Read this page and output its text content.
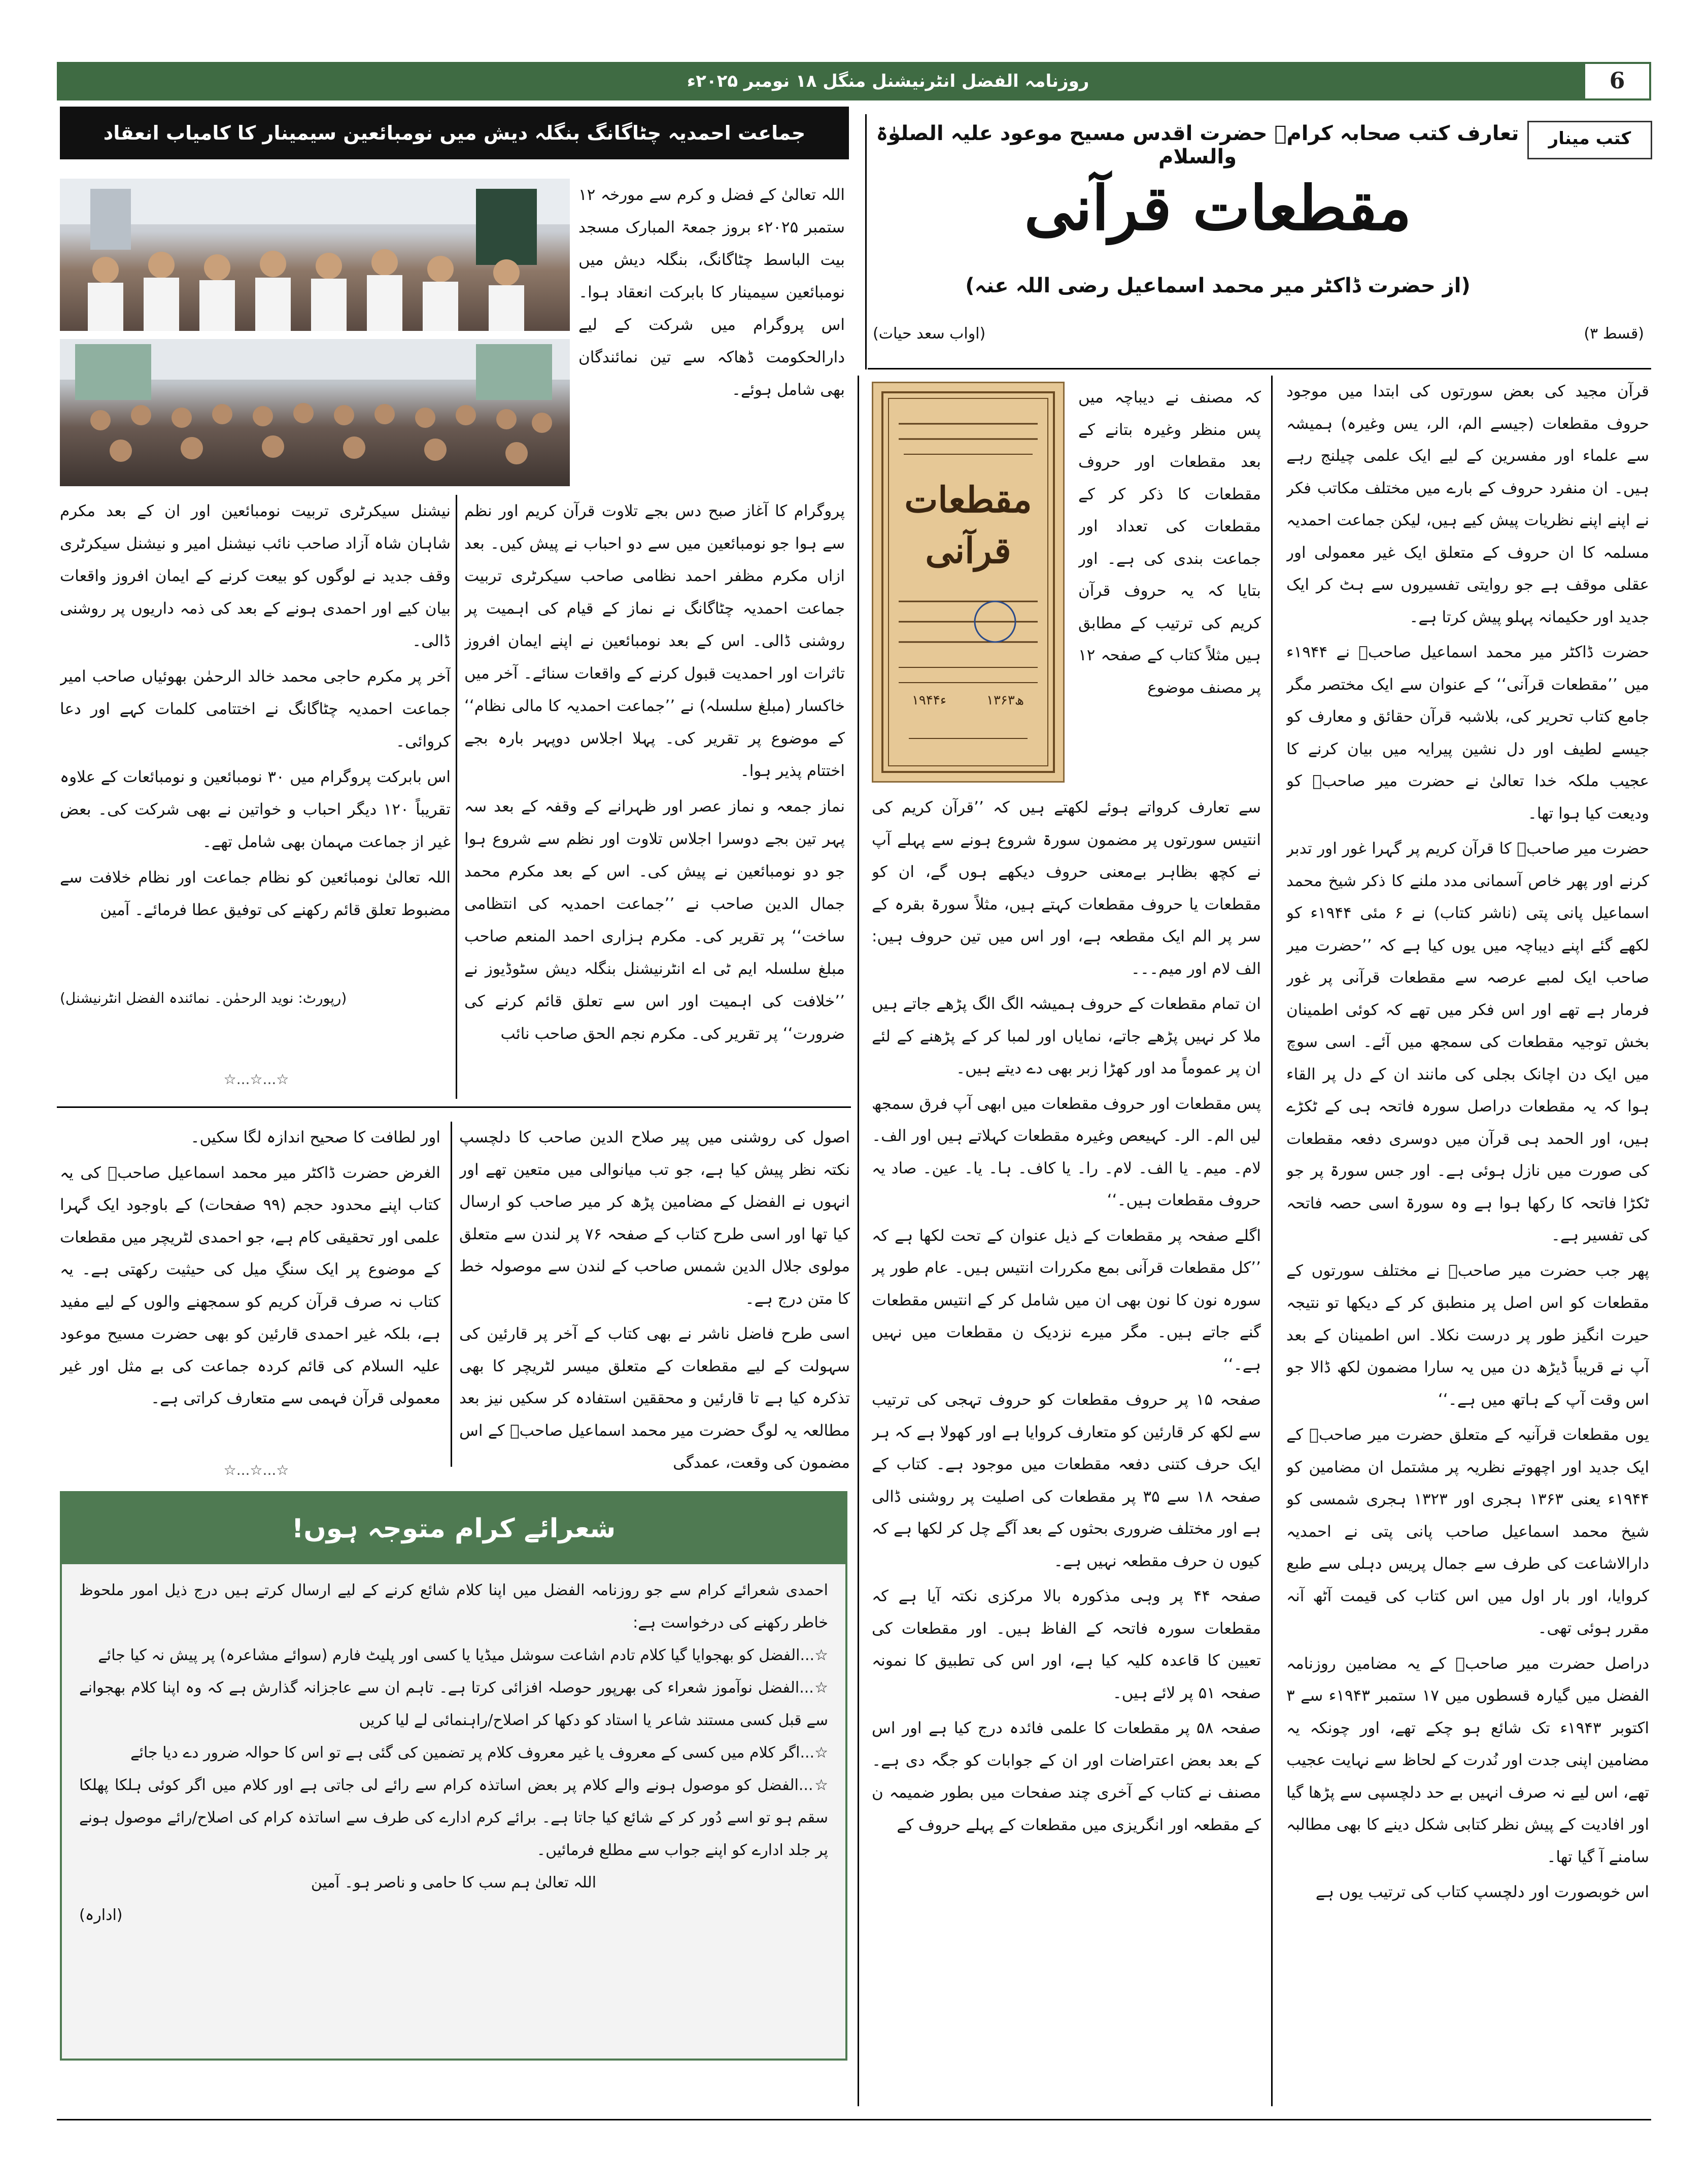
روزنامہ الفضل انٹرنیشنل منگل ۱۸ نومبر ۲۰۲۵ء	6
کتب مینار
تعارف کتب صحابہ کرامؓ حضرت اقدس مسیح موعود علیہ الصلوٰۃ والسلام
مقطعات قرآنی
(از حضرت ڈاکٹر میر محمد اسماعیل رضی اللہ عنہ)
(قسط ۳)
(اواب سعد حیات)

قرآن مجید کی بعض سورتوں کی ابتدا میں موجود حروف مقطعات (جیسے الم، الر، یس وغیرہ) ہمیشہ سے علماء اور مفسرین کے لیے ایک علمی چیلنج رہے ہیں۔ ان منفرد حروف کے بارے میں مختلف مکاتب فکر نے اپنے اپنے نظریات پیش کیے ہیں، لیکن جماعت احمدیہ مسلمہ کا ان حروف کے متعلق ایک غیر معمولی اور عقلی موقف ہے جو روایتی تفسیروں سے ہٹ کر ایک جدید اور حکیمانہ پہلو پیش کرتا ہے۔

حضرت ڈاکٹر میر محمد اسماعیل صاحبؓ نے ۱۹۴۴ء میں ’’مقطعات قرآنی‘‘ کے عنوان سے ایک مختصر مگر جامع کتاب تحریر کی، بلاشبہ قرآن حقائق و معارف کو جیسے لطیف اور دل نشین پیرایہ میں بیان کرنے کا عجیب ملکہ خدا تعالیٰ نے حضرت میر صاحبؓ کو ودیعت کیا ہوا تھا۔

حضرت میر صاحبؓ کا قرآن کریم پر گہرا غور اور تدبر کرنے اور پھر خاص آسمانی مدد ملنے کا ذکر شیخ محمد اسماعیل پانی پتی (ناشر کتاب) نے ۶ مئی ۱۹۴۴ء کو لکھے گئے اپنے دیباچہ میں یوں کیا ہے کہ ’’حضرت میر صاحب ایک لمبے عرصہ سے مقطعات قرآنی پر غور فرمار ہے تھے اور اس فکر میں تھے کہ کوئی اطمینان بخش توجیہ مقطعات کی سمجھ میں آئے۔ اسی سوچ میں ایک دن اچانک بجلی کی مانند ان کے دل پر القاء ہوا کہ یہ مقطعات دراصل سورہ فاتحہ ہی کے ٹکڑے ہیں، اور الحمد ہی قرآن میں دوسری دفعہ مقطعات کی صورت میں نازل ہوئی ہے۔ اور جس سورۃ پر جو ٹکڑا فاتحہ کا رکھا ہوا ہے وہ سورۃ اسی حصہ فاتحہ کی تفسیر ہے۔

پھر جب حضرت میر صاحبؓ نے مختلف سورتوں کے مقطعات کو اس اصل پر منطبق کر کے دیکھا تو نتیجہ حیرت انگیز طور پر درست نکلا۔ اس اطمینان کے بعد آپ نے قریباً ڈیڑھ دن میں یہ سارا مضمون لکھ ڈالا جو اس وقت آپ کے ہاتھ میں ہے۔‘‘

یوں مقطعات قرآنیہ کے متعلق حضرت میر صاحبؓ کے ایک جدید اور اچھوتے نظریہ پر مشتمل ان مضامین کو ۱۹۴۴ء یعنی ۱۳۶۳ ہجری اور ۱۳۲۳ ہجری شمسی کو شیخ محمد اسماعیل صاحب پانی پتی نے احمدیہ دارالاشاعت کی طرف سے جمال پریس دہلی سے طبع کروایا، اور بار اول میں اس کتاب کی قیمت آٹھ آنہ مقرر ہوئی تھی۔

دراصل حضرت میر صاحبؓ کے یہ مضامین روزنامہ الفضل میں گیارہ قسطوں میں ۱۷ ستمبر ۱۹۴۳ء سے ۳ اکتوبر ۱۹۴۳ء تک شائع ہو چکے تھے، اور چونکہ یہ مضامین اپنی جدت اور نُدرت کے لحاظ سے نہایت عجیب تھے، اس لیے نہ صرف انہیں بے حد دلچسپی سے پڑھا گیا اور افادیت کے پیش نظر کتابی شکل دینے کا بھی مطالبہ سامنے آ گیا تھا۔

اس خوبصورت اور دلچسپ کتاب کی ترتیب یوں ہے

مقطعات قرآنی
۱۳۶۳ھ
۱۹۴۴ء

کہ مصنف نے دیباچہ میں پس منظر وغیرہ بتانے کے بعد مقطعات اور حروف مقطعات کا ذکر کر کے مقطعات کی تعداد اور جماعت بندی کی ہے۔ اور بتایا کہ یہ حروف قرآن کریم کی ترتیب کے مطابق ہیں مثلاً کتاب کے صفحہ ۱۲ پر مصنف موضوع

سے تعارف کرواتے ہوئے لکھتے ہیں کہ ’’قرآن کریم کی انتیس سورتوں پر مضمون سورۃ شروع ہونے سے پہلے آپ نے کچھ بظاہر بےمعنی حروف دیکھے ہوں گے، ان کو مقطعات یا حروف مقطعات کہتے ہیں، مثلاً سورۃ بقرہ کے سر پر الم ایک مقطعہ ہے، اور اس میں تین حروف ہیں: الف لام اور میم۔۔۔

ان تمام مقطعات کے حروف ہمیشہ الگ الگ پڑھے جاتے ہیں ملا کر نہیں پڑھے جاتے، نمایاں اور لمبا کر کے پڑھنے کے لئے ان پر عموماً مد اور کھڑا زبر بھی دے دیتے ہیں۔

پس مقطعات اور حروف مقطعات میں ابھی آپ فرق سمجھ لیں الم۔ الر۔ کہیعص وغیرہ مقطعات کہلاتے ہیں اور الف۔ لام۔ میم۔ یا الف۔ لام۔ را۔ یا کاف۔ ہا۔ یا۔ عین۔ صاد یہ حروف مقطعات ہیں۔‘‘

اگلے صفحہ پر مقطعات کے ذیل عنوان کے تحت لکھا ہے کہ ’’کل مقطعات قرآنی بمع مکررات انتیس ہیں۔ عام طور پر سورہ نون کا نون بھی ان میں شامل کر کے انتیس مقطعات گنے جاتے ہیں۔ مگر میرے نزدیک ن مقطعات میں نہیں ہے۔‘‘

صفحہ ۱۵ پر حروف مقطعات کو حروف تہجی کی ترتیب سے لکھ کر قارئین کو متعارف کروایا ہے اور کھولا ہے کہ ہر ایک حرف کتنی دفعہ مقطعات میں موجود ہے۔ کتاب کے صفحہ ۱۸ سے ۳۵ پر مقطعات کی اصلیت پر روشنی ڈالی ہے اور مختلف ضروری بحثوں کے بعد آگے چل کر لکھا ہے کہ کیوں ن حرف مقطعہ نہیں ہے۔

صفحہ ۴۴ پر وہی مذکورہ بالا مرکزی نکتہ آیا ہے کہ مقطعات سورہ فاتحہ کے الفاظ ہیں۔ اور مقطعات کی تعیین کا قاعدہ کلیہ کیا ہے، اور اس کی تطبیق کا نمونہ صفحہ ۵۱ پر لائے ہیں۔

صفحہ ۵۸ پر مقطعات کا علمی فائدہ درج کیا ہے اور اس کے بعد بعض اعتراضات اور ان کے جوابات کو جگہ دی ہے۔ مصنف نے کتاب کے آخری چند صفحات میں بطور ضمیمہ ن کے مقطعہ اور انگریزی میں مقطعات کے پہلے حروف کے

جماعت احمدیہ چٹاگانگ بنگلہ دیش میں نومبائعین سیمینار کا کامیاب انعقاد

اللہ تعالیٰ کے فضل و کرم سے مورخہ ۱۲ ستمبر ۲۰۲۵ء بروز جمعۃ المبارک مسجد بیت الباسط چٹاگانگ، بنگلہ دیش میں نومبائعین سیمینار کا بابرکت انعقاد ہوا۔ اس پروگرام میں شرکت کے لیے دارالحکومت ڈھاکہ سے تین نمائندگان بھی شامل ہوئے۔

پروگرام کا آغاز صبح دس بجے تلاوت قرآن کریم اور نظم سے ہوا جو نومبائعین میں سے دو احباب نے پیش کیں۔ بعد ازاں مکرم مظفر احمد نظامی صاحب سیکرٹری تربیت جماعت احمدیہ چٹاگانگ نے نماز کے قیام کی اہمیت پر روشنی ڈالی۔ اس کے بعد نومبائعین نے اپنے ایمان افروز تاثرات اور احمدیت قبول کرنے کے واقعات سنائے۔ آخر میں خاکسار (مبلغ سلسلہ) نے ’’جماعت احمدیہ کا مالی نظام‘‘ کے موضوع پر تقریر کی۔ پہلا اجلاس دوپہر بارہ بجے اختتام پذیر ہوا۔

نماز جمعہ و نماز عصر اور ظہرانے کے وقفہ کے بعد سہ پہر تین بجے دوسرا اجلاس تلاوت اور نظم سے شروع ہوا جو دو نومبائعین نے پیش کی۔ اس کے بعد مکرم محمد جمال الدین صاحب نے ’’جماعت احمدیہ کی انتظامی ساخت‘‘ پر تقریر کی۔ مکرم ہزاری احمد المنعم صاحب مبلغ سلسلہ ایم ٹی اے انٹرنیشنل بنگلہ دیش سٹوڈیوز نے ’’خلافت کی اہمیت اور اس سے تعلق قائم کرنے کی ضرورت‘‘ پر تقریر کی۔ مکرم نجم الحق صاحب نائب

نیشنل سیکرٹری تربیت نومبائعین اور ان کے بعد مکرم شاہان شاہ آزاد صاحب نائب نیشنل امیر و نیشنل سیکرٹری وقف جدید نے لوگوں کو بیعت کرنے کے ایمان افروز واقعات بیان کیے اور احمدی ہونے کے بعد کی ذمہ داریوں پر روشنی ڈالی۔

آخر پر مکرم حاجی محمد خالد الرحمٰن بھوئیاں صاحب امیر جماعت احمدیہ چٹاگانگ نے اختتامی کلمات کہے اور دعا کروائی۔

اس بابرکت پروگرام میں ۳۰ نومبائعین و نومبائعات کے علاوہ تقریباً ۱۲۰ دیگر احباب و خواتین نے بھی شرکت کی۔ بعض غیر از جماعت مہمان بھی شامل تھے۔

اللہ تعالیٰ نومبائعین کو نظام جماعت اور نظام خلافت سے مضبوط تعلق قائم رکھنے کی توفیق عطا فرمائے۔ آمین

(رپورٹ: نوید الرحمٰن۔ نمائندہ الفضل انٹرنیشنل)
☆...☆...☆

اصول کی روشنی میں پیر صلاح الدین صاحب کا دلچسپ نکتہ نظر پیش کیا ہے، جو تب میانوالی میں متعین تھے اور انہوں نے الفضل کے مضامین پڑھ کر میر صاحب کو ارسال کیا تھا اور اسی طرح کتاب کے صفحہ ۷۶ پر لندن سے متعلق مولوی جلال الدین شمس صاحب کے لندن سے موصولہ خط کا متن درج ہے۔

اسی طرح فاضل ناشر نے بھی کتاب کے آخر پر قارئین کی سہولت کے لیے مقطعات کے متعلق میسر لٹریچر کا بھی تذکرہ کیا ہے تا قارئین و محققین استفادہ کر سکیں نیز بعد مطالعہ یہ لوگ حضرت میر محمد اسماعیل صاحبؓ کے اس مضمون کی وقعت، عمدگی

اور لطافت کا صحیح اندازہ لگا سکیں۔

الغرض حضرت ڈاکٹر میر محمد اسماعیل صاحبؓ کی یہ کتاب اپنے محدود حجم (۹۹ صفحات) کے باوجود ایک گہرا علمی اور تحقیقی کام ہے، جو احمدی لٹریچر میں مقطعات کے موضوع پر ایک سنگِ میل کی حیثیت رکھتی ہے۔ یہ کتاب نہ صرف قرآن کریم کو سمجھنے والوں کے لیے مفید ہے، بلکہ غیر احمدی قارئین کو بھی حضرت مسیح موعود علیہ السلام کی قائم کردہ جماعت کی بے مثل اور غیر معمولی قرآن فہمی سے متعارف کراتی ہے۔

☆...☆...☆
شعرائے کرام متوجہ ہوں!

احمدی شعرائے کرام سے جو روزنامہ الفضل میں اپنا کلام شائع کرنے کے لیے ارسال کرتے ہیں درج ذیل امور ملحوظ خاطر رکھنے کی درخواست ہے:

☆...الفضل کو بھجوایا گیا کلام تادم اشاعت سوشل میڈیا یا کسی اور پلیٹ فارم (سوائے مشاعرہ) پر پیش نہ کیا جائے

☆...الفضل نوآموز شعراء کی بھرپور حوصلہ افزائی کرتا ہے۔ تاہم ان سے عاجزانہ گذارش ہے کہ وہ اپنا کلام بھجوانے سے قبل کسی مستند شاعر یا استاد کو دکھا کر اصلاح/راہنمائی لے لیا کریں

☆...اگر کلام میں کسی کے معروف یا غیر معروف کلام پر تضمین کی گئی ہے تو اس کا حوالہ ضرور دے دیا جائے

☆...الفضل کو موصول ہونے والے کلام پر بعض اساتذہ کرام سے رائے لی جاتی ہے اور کلام میں اگر کوئی ہلکا پھلکا سقم ہو تو اسے دُور کر کے شائع کیا جاتا ہے۔ برائے کرم ادارے کی طرف سے اساتذہ کرام کی اصلاح/رائے موصول ہونے پر جلد ادارے کو اپنے جواب سے مطلع فرمائیں۔

اللہ تعالیٰ ہم سب کا حامی و ناصر ہو۔ آمین

(ادارہ)
